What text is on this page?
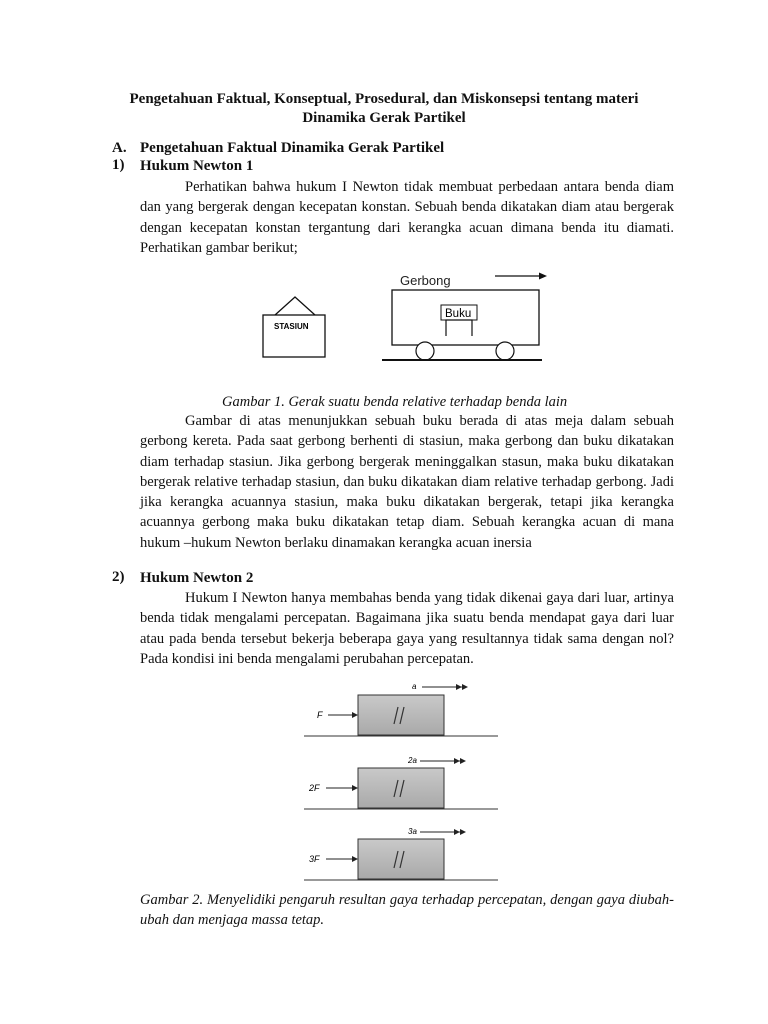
Pengetahuan Faktual, Konseptual, Prosedural, dan Miskonsepsi tentang materi
Dinamika Gerak Partikel
A. Pengetahuan Faktual Dinamika Gerak Partikel
1) Hukum Newton 1
Perhatikan bahwa hukum I Newton tidak membuat perbedaan antara benda diam dan yang bergerak dengan kecepatan konstan. Sebuah benda dikatakan diam atau bergerak dengan kecepatan konstan tergantung dari kerangka acuan dimana benda itu diamati. Perhatikan gambar berikut;
STASIUN
Gerbong
Buku
Gambar 1. Gerak suatu benda relative terhadap benda lain
Gambar di atas menunjukkan sebuah buku berada di atas meja dalam sebuah gerbong kereta. Pada saat gerbong berhenti di stasiun, maka gerbong dan buku dikatakan diam terhadap stasiun. Jika gerbong bergerak meninggalkan stasun, maka buku dikatakan bergerak relative terhadap stasiun, dan buku dikatakan diam relative terhadap gerbong. Jadi jika kerangka acuannya stasiun, maka buku dikatakan bergerak, tetapi jika kerangka acuannya gerbong maka buku dikatakan tetap diam. Sebuah kerangka acuan di mana hukum –hukum Newton berlaku dinamakan kerangka acuan inersia
2) Hukum Newton 2
Hukum I Newton hanya membahas benda yang tidak dikenai gaya dari luar, artinya benda tidak mengalami percepatan. Bagaimana jika suatu benda mendapat gaya dari luar atau pada benda tersebut bekerja beberapa gaya yang resultannya tidak sama dengan nol? Pada kondisi ini benda mengalami perubahan percepatan.
a
F
2a
2F
3a
3F
Gambar 2. Menyelidiki pengaruh resultan gaya terhadap percepatan, dengan gaya diubah-ubah dan menjaga massa tetap.
